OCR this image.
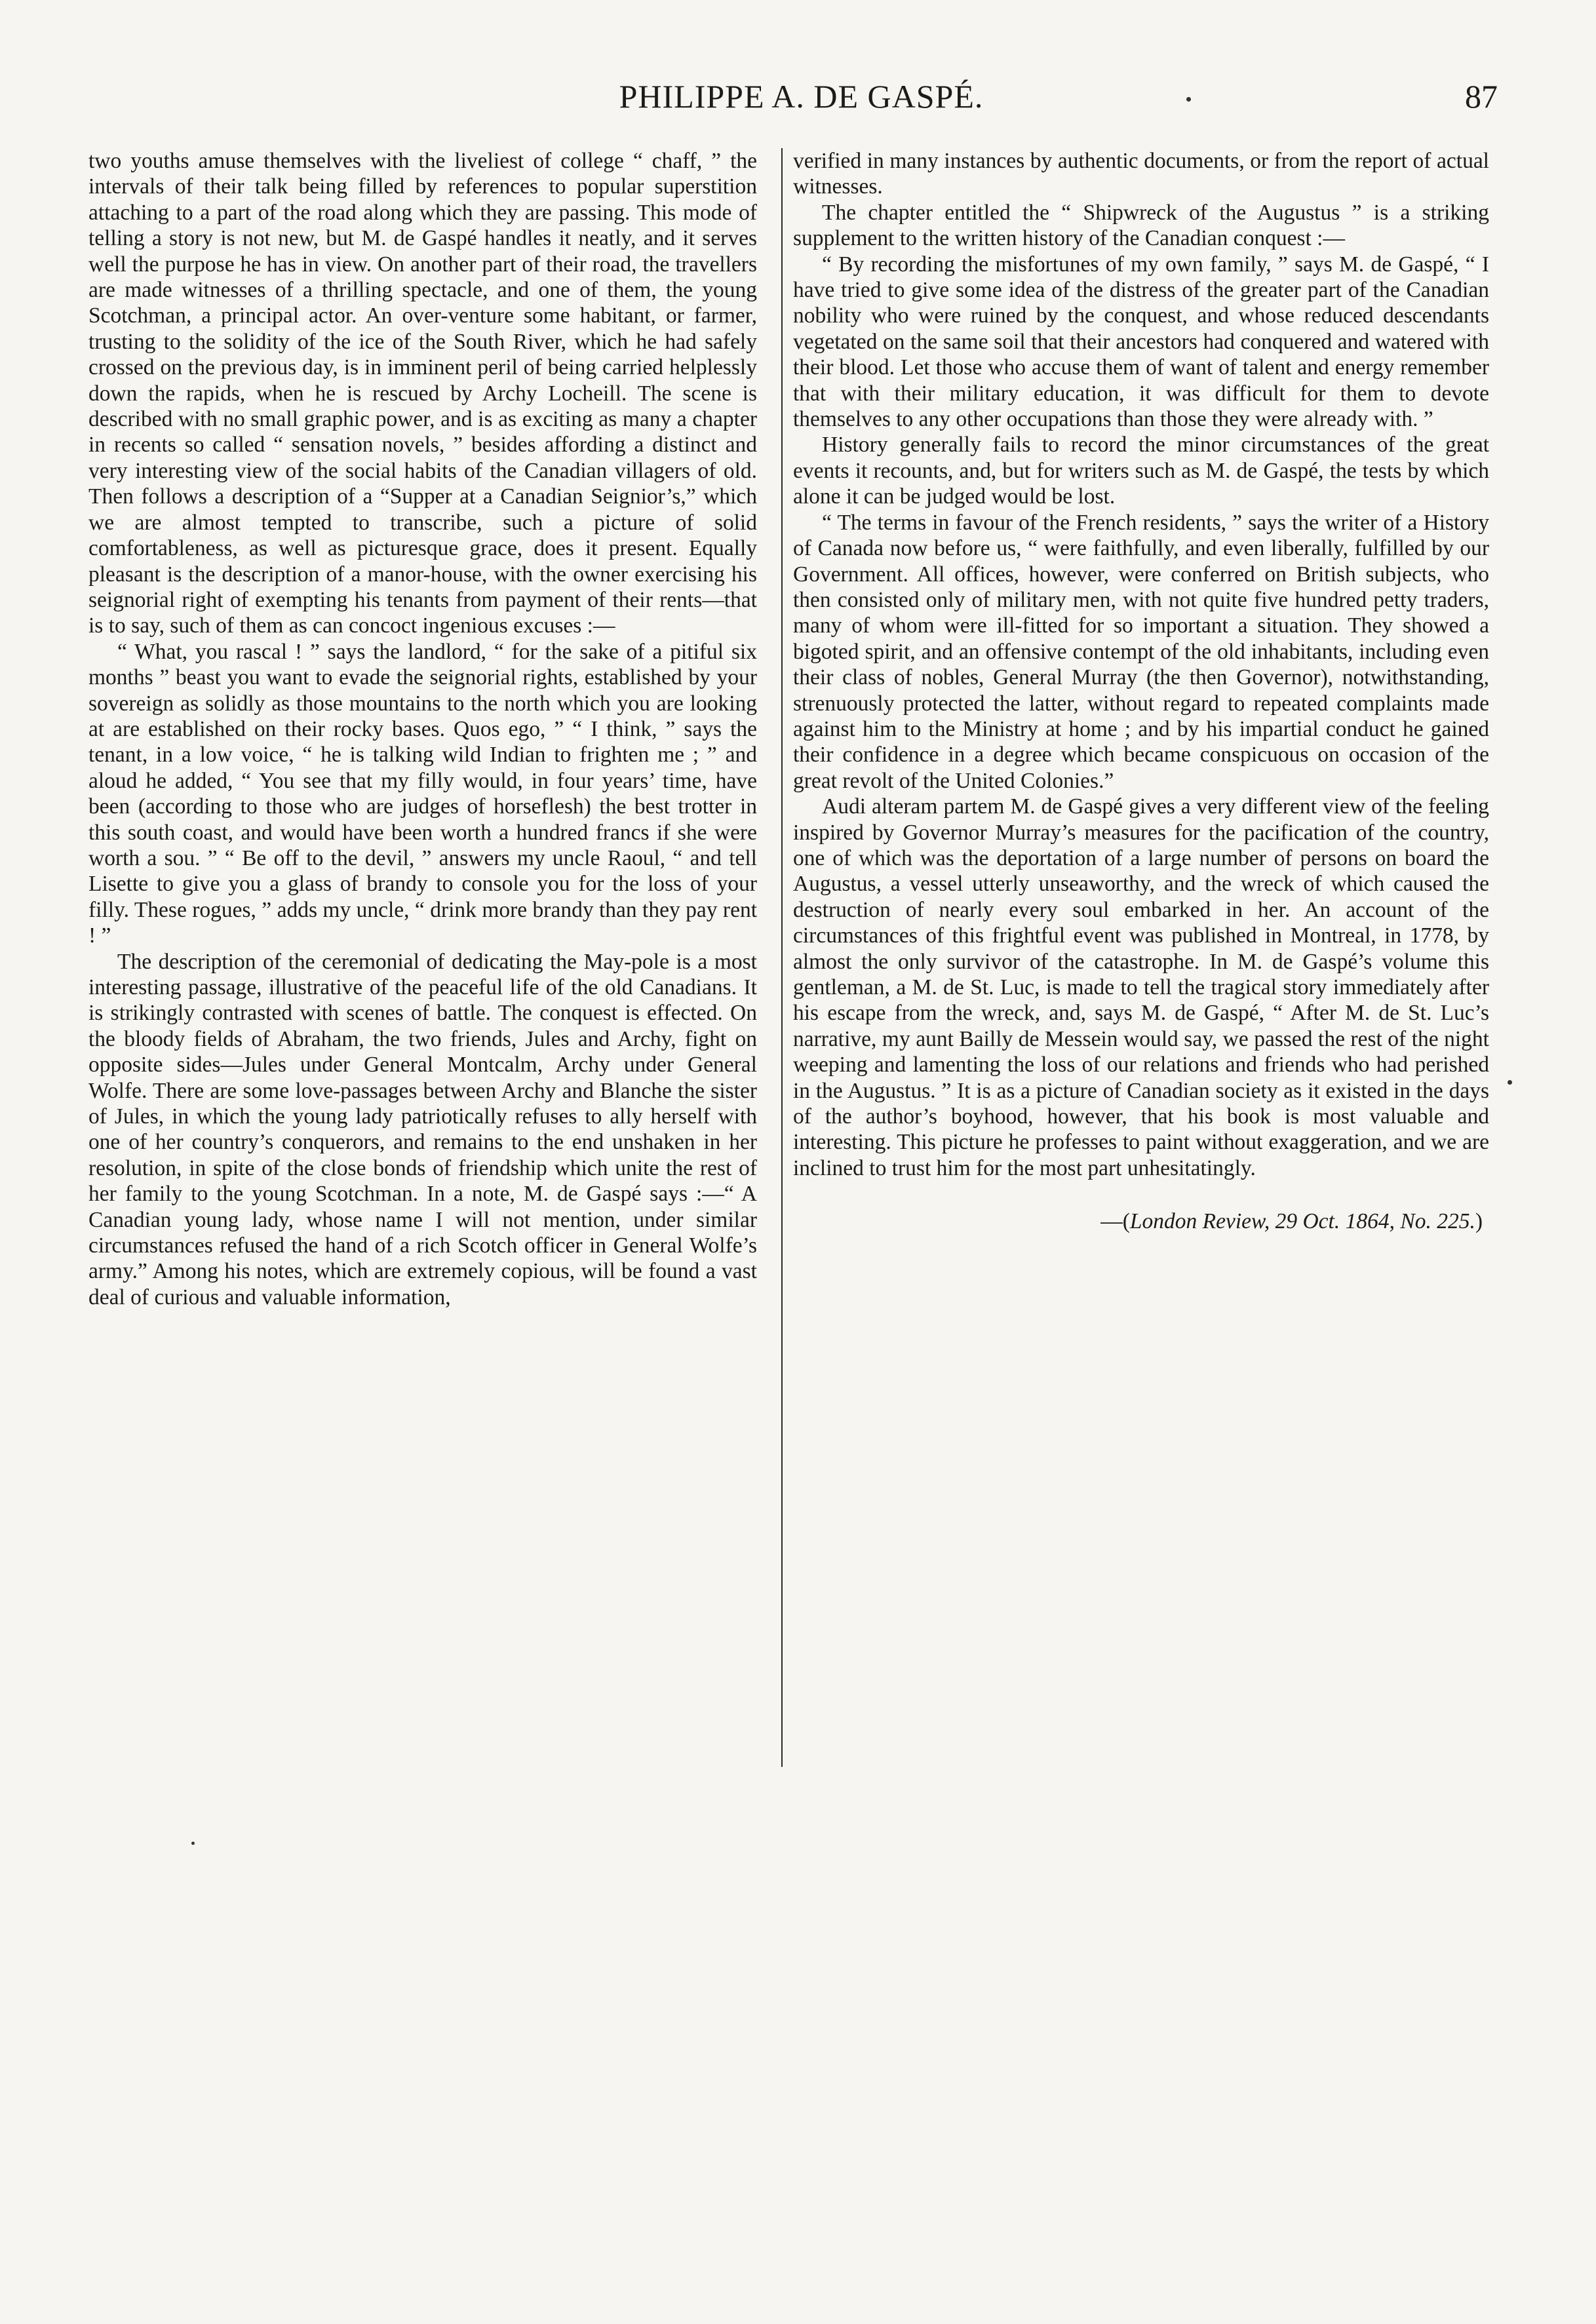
PHILIPPE A. DE GASPÉ.	87

two youths amuse themselves with the liveliest of college “ chaff, ” the intervals of their talk being filled by references to popular superstition attaching to a part of the road along which they are passing. This mode of telling a story is not new, but M. de Gaspé handles it neatly, and it serves well the purpose he has in view. On another part of their road, the travellers are made witnesses of a thrilling spectacle, and one of them, the young Scotchman, a principal actor. An over-venture some habitant, or farmer, trusting to the solidity of the ice of the South River, which he had safely crossed on the previous day, is in imminent peril of being carried helplessly down the rapids, when he is rescued by Archy Locheill. The scene is described with no small graphic power, and is as exciting as many a chapter in recents so called “ sensation novels, ” besides affording a distinct and very interesting view of the social habits of the Canadian villagers of old. Then follows a description of a “Supper at a Canadian Seignior’s,” which we are almost tempted to transcribe, such a picture of solid comfortableness, as well as picturesque grace, does it present. Equally pleasant is the description of a manor-house, with the owner exercising his seignorial right of exempting his tenants from payment of their rents—that is to say, such of them as can concoct ingenious excuses :—

“ What, you rascal ! ” says the landlord, “ for the sake of a pitiful six months ” beast you want to evade the seignorial rights, established by your sovereign as solidly as those mountains to the north which you are looking at are established on their rocky bases. Quos ego, ” “ I think, ” says the tenant, in a low voice, “ he is talking wild Indian to frighten me ; ” and aloud he added, “ You see that my filly would, in four years’ time, have been (according to those who are judges of horseflesh) the best trotter in this south coast, and would have been worth a hundred francs if she were worth a sou. ” “ Be off to the devil, ” answers my uncle Raoul, “ and tell Lisette to give you a glass of brandy to console you for the loss of your filly. These rogues, ” adds my uncle, “ drink more brandy than they pay rent ! ”

The description of the ceremonial of dedicating the May-pole is a most interesting passage, illustrative of the peaceful life of the old Canadians. It is strikingly contrasted with scenes of battle. The conquest is effected. On the bloody fields of Abraham, the two friends, Jules and Archy, fight on opposite sides—Jules under General Montcalm, Archy under General Wolfe. There are some love-passages between Archy and Blanche the sister of Jules, in which the young lady patriotically refuses to ally herself with one of her country’s conquerors, and remains to the end unshaken in her resolution, in spite of the close bonds of friendship which unite the rest of her family to the young Scotchman. In a note, M. de Gaspé says :—“ A Canadian young lady, whose name I will not mention, under similar circumstances refused the hand of a rich Scotch officer in General Wolfe’s army.” Among his notes, which are extremely copious, will be found a vast deal of curious and valuable information,

verified in many instances by authentic documents, or from the report of actual witnesses.

The chapter entitled the “ Shipwreck of the Augustus ” is a striking supplement to the written history of the Canadian conquest :—

“ By recording the misfortunes of my own family, ” says M. de Gaspé, “ I have tried to give some idea of the distress of the greater part of the Canadian nobility who were ruined by the conquest, and whose reduced descendants vegetated on the same soil that their ancestors had conquered and watered with their blood. Let those who accuse them of want of talent and energy remember that with their military education, it was difficult for them to devote themselves to any other occupations than those they were already with. ”

History generally fails to record the minor circumstances of the great events it recounts, and, but for writers such as M. de Gaspé, the tests by which alone it can be judged would be lost.

“ The terms in favour of the French residents, ” says the writer of a History of Canada now before us, “ were faithfully, and even liberally, fulfilled by our Government. All offices, however, were conferred on British subjects, who then consisted only of military men, with not quite five hundred petty traders, many of whom were ill-fitted for so important a situation. They showed a bigoted spirit, and an offensive contempt of the old inhabitants, including even their class of nobles, General Murray (the then Governor), notwithstanding, strenuously protected the latter, without regard to repeated complaints made against him to the Ministry at home ; and by his impartial conduct he gained their confidence in a degree which became conspicuous on occasion of the great revolt of the United Colonies.”

Audi alteram partem M. de Gaspé gives a very different view of the feeling inspired by Governor Murray’s measures for the pacification of the country, one of which was the deportation of a large number of persons on board the Augustus, a vessel utterly unseaworthy, and the wreck of which caused the destruction of nearly every soul embarked in her. An account of the circumstances of this frightful event was published in Montreal, in 1778, by almost the only survivor of the catastrophe. In M. de Gaspé’s volume this gentleman, a M. de St. Luc, is made to tell the tragical story immediately after his escape from the wreck, and, says M. de Gaspé, “ After M. de St. Luc’s narrative, my aunt Bailly de Messein would say, we passed the rest of the night weeping and lamenting the loss of our relations and friends who had perished in the Augustus. ” It is as a picture of Canadian society as it existed in the days of the author’s boyhood, however, that his book is most valuable and interesting. This picture he professes to paint without exaggeration, and we are inclined to trust him for the most part unhesitatingly.

—(London Review, 29 Oct. 1864, No. 225.)
